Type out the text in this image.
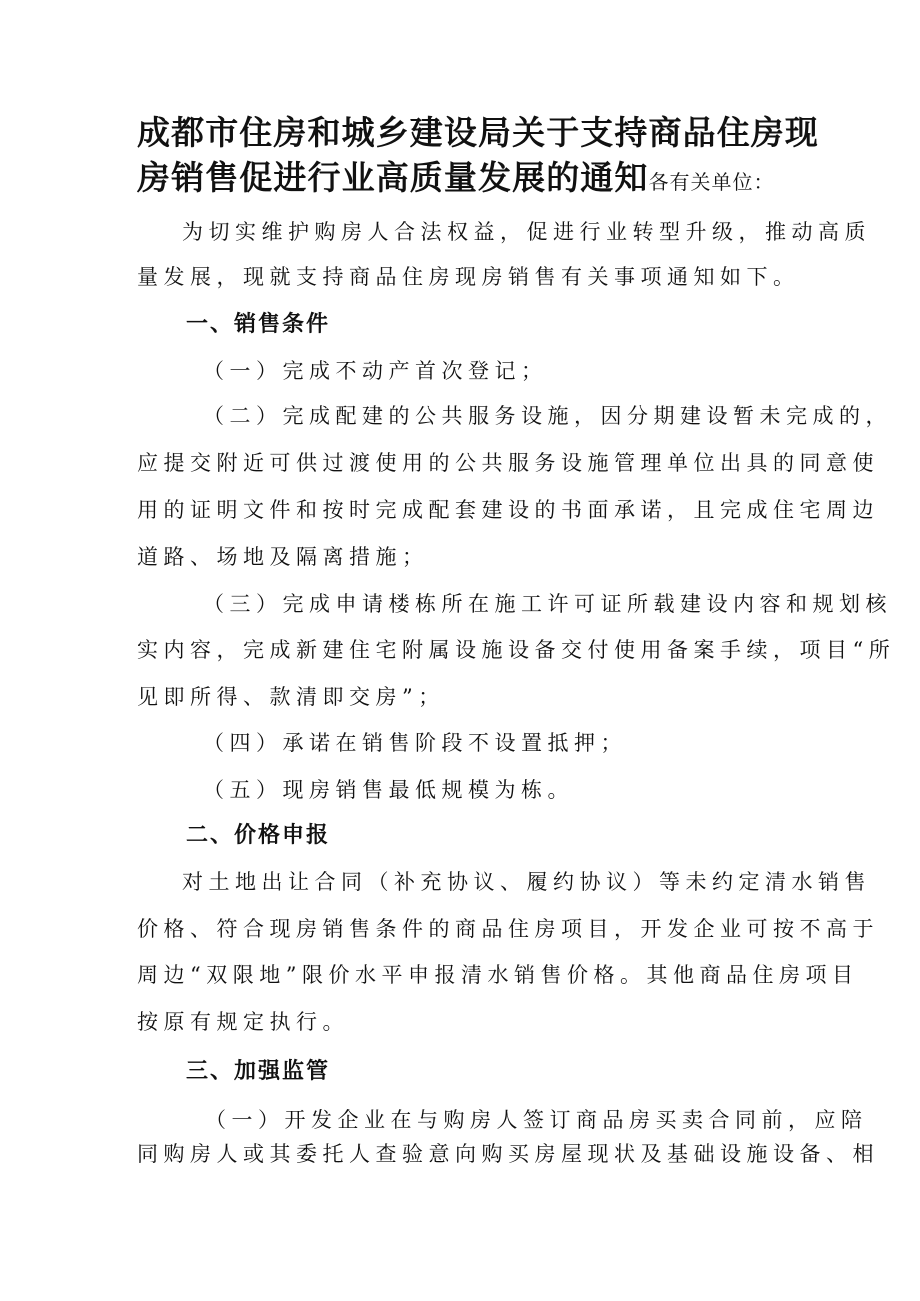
成都市住房和城乡建设局关于支持商品住房现
房销售促进行业高质量发展的通知各有关单位：

为切实维护购房人合法权益，促进行业转型升级，推动高质

量发展，现就支持商品住房现房销售有关事项通知如下。

一、销售条件

（一）完成不动产首次登记；

（二）完成配建的公共服务设施，因分期建设暂未完成的，

应提交附近可供过渡使用的公共服务设施管理单位出具的同意使

用的证明文件和按时完成配套建设的书面承诺，且完成住宅周边

道路、场地及隔离措施；

（三）完成申请楼栋所在施工许可证所载建设内容和规划核

实内容，完成新建住宅附属设施设备交付使用备案手续，项目“所

见即所得、款清即交房”；

（四）承诺在销售阶段不设置抵押；

（五）现房销售最低规模为栋。

二、价格申报

对土地出让合同（补充协议、履约协议）等未约定清水销售

价格、符合现房销售条件的商品住房项目，开发企业可按不高于

周边“双限地”限价水平申报清水销售价格。其他商品住房项目

按原有规定执行。

三、加强监管

（一）开发企业在与购房人签订商品房买卖合同前，应陪

同购房人或其委托人查验意向购买房屋现状及基础设施设备、相
